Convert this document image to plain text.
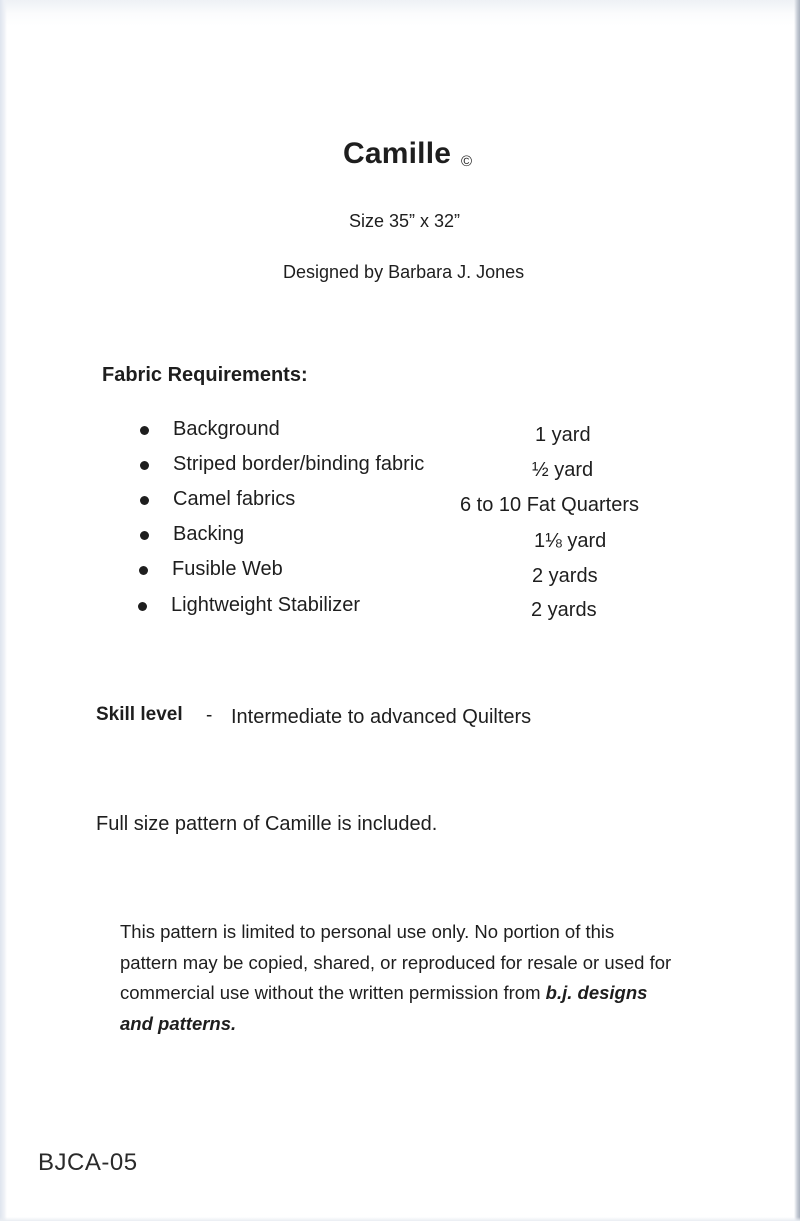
Camille ©
Size 35” x 32”
Designed by Barbara J. Jones
Fabric Requirements:
Background	1 yard
Striped border/binding fabric	½ yard
Camel fabrics	6 to 10 Fat Quarters
Backing	1⅛ yard
Fusible Web	2 yards
Lightweight Stabilizer	2 yards
Skill level - Intermediate to advanced Quilters
Full size pattern of Camille is included.
This pattern is limited to personal use only. No portion of this
pattern may be copied, shared, or reproduced for resale or used for
commercial use without the written permission from b.j. designs
and patterns.
BJCA-05
